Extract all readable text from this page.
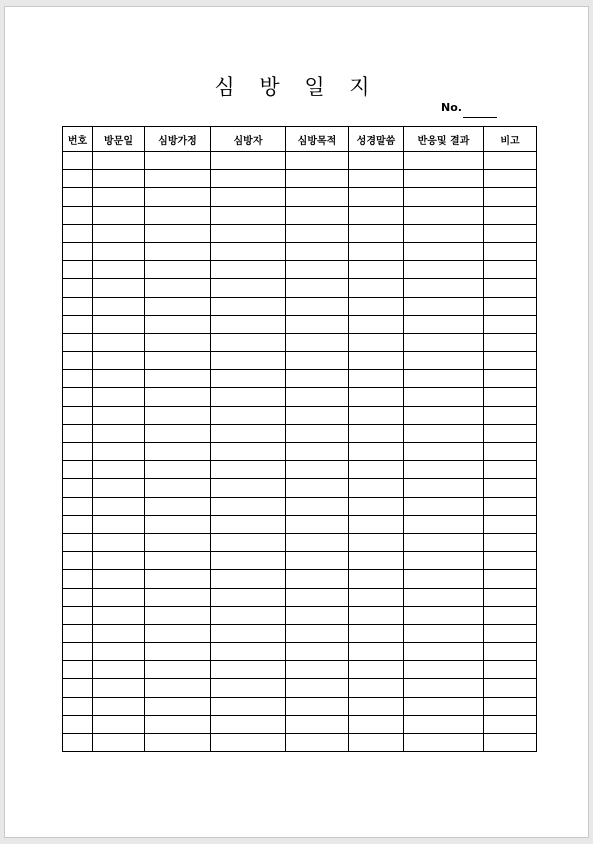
심 방 일 지
No.
번호	방문일	심방가정	심방자	심방목적	성경말씀	반응및 결과	비고
